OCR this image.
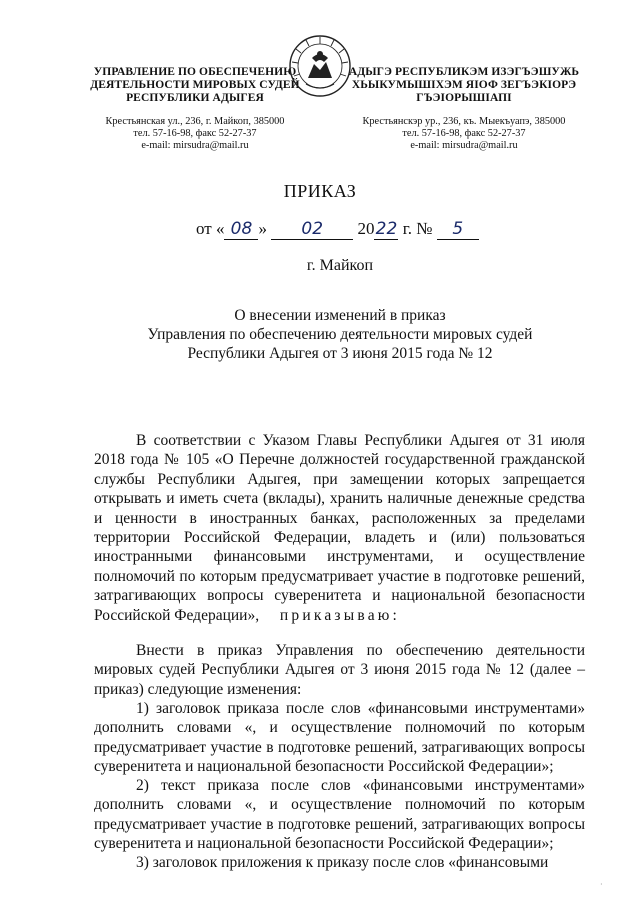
УПРАВЛЕНИЕ ПО ОБЕСПЕЧЕНИЮ
ДЕЯТЕЛЬНОСТИ МИРОВЫХ СУДЕЙ
РЕСПУБЛИКИ АДЫГЕЯ
Крестьянская ул., 236, г. Майкоп, 385000
тел. 57-16-98, факс 52-27-37
e-mail: mirsudra@mail.ru
АДЫГЭ РЕСПУБЛИКЭМ ИЗЭГЪЭШУЖЬ
ХЬЫКУМЫШІХЭМ ЯІОФ ЗЕГЪЭКІОРЭ
ГЪЭІОРЫШІАПІ
Крестьянскэр ур., 236, къ. Мыекъуапэ, 385000
тел. 57-16-98, факс 52-27-37
e-mail: mirsudra@mail.ru
ПРИКАЗ
от « 08 » 02 2022 г. № 5
г. Майкоп
О внесении изменений в приказ
Управления по обеспечению деятельности мировых судей
Республики Адыгея от 3 июня 2015 года № 12
В соответствии с Указом Главы Республики Адыгея от 31 июля 2018 года № 105 «О Перечне должностей государственной гражданской службы Республики Адыгея, при замещении которых запрещается открывать и иметь счета (вклады), хранить наличные денежные средства и ценности в иностранных банках, расположенных за пределами территории Российской Федерации, владеть и (или) пользоваться иностранными финансовыми инструментами, и осуществление полномочий по которым предусматривает участие в подготовке решений, затрагивающих вопросы суверенитета и национальной безопасности Российской Федерации»,	приказываю:
Внести в приказ Управления по обеспечению деятельности мировых судей Республики Адыгея от 3 июня 2015 года № 12 (далее – приказ) следующие изменения:
1) заголовок приказа после слов «финансовыми инструментами» дополнить словами «, и осуществление полномочий по которым предусматривает участие в подготовке решений, затрагивающих вопросы суверенитета и национальной безопасности Российской Федерации»;
2) текст приказа после слов «финансовыми инструментами» дополнить словами «, и осуществление полномочий по которым предусматривает участие в подготовке решений, затрагивающих вопросы суверенитета и национальной безопасности Российской Федерации»;
3) заголовок приложения к приказу после слов «финансовыми
·
